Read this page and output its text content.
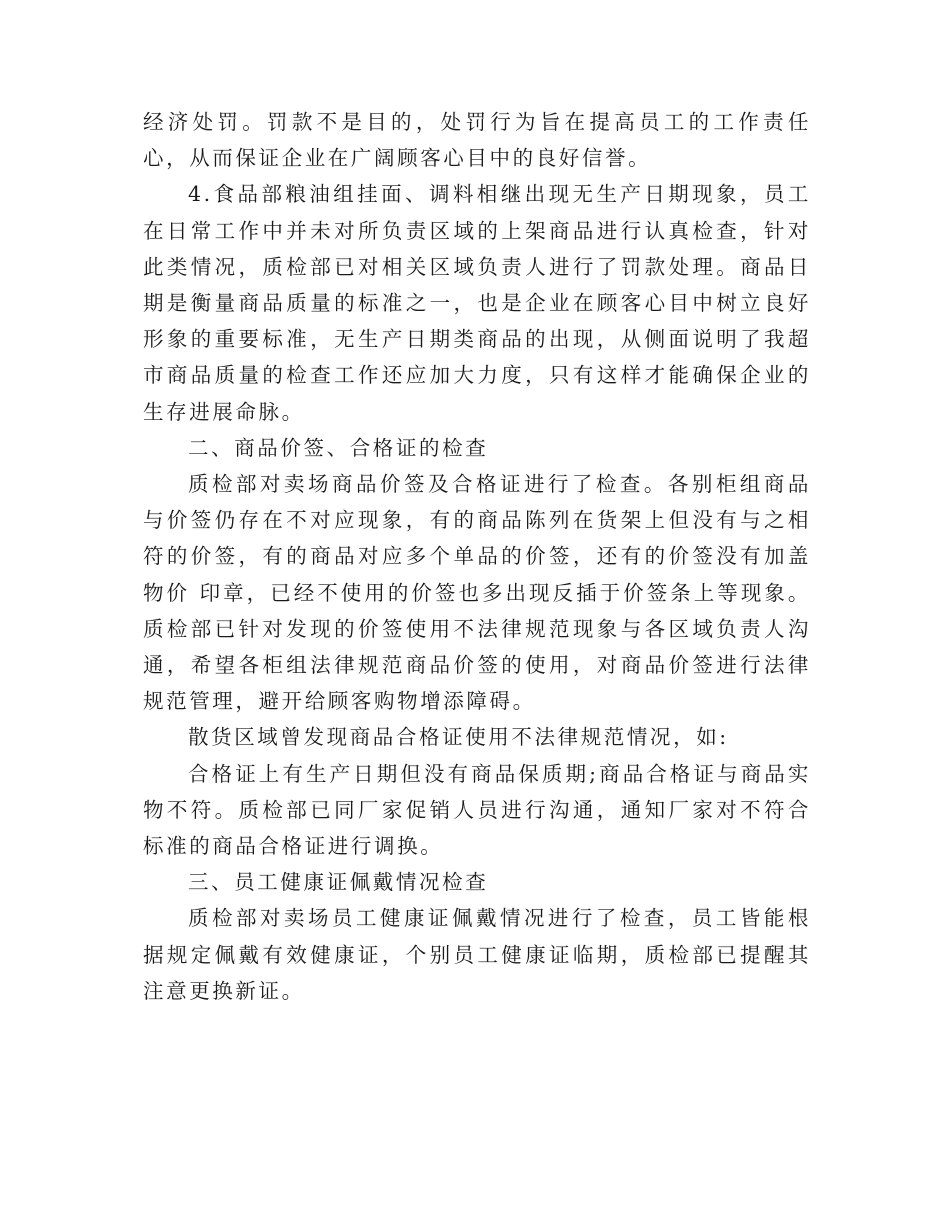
经济处罚。罚款不是目的，处罚行为旨在提高员工的工作责任心，从而保证企业在广阔顾客心目中的良好信誉。

4.食品部粮油组挂面、调料相继出现无生产日期现象，员工在日常工作中并未对所负责区域的上架商品进行认真检查，针对此类情况，质检部已对相关区域负责人进行了罚款处理。商品日期是衡量商品质量的标准之一，也是企业在顾客心目中树立良好形象的重要标准，无生产日期类商品的出现，从侧面说明了我超市商品质量的检查工作还应加大力度，只有这样才能确保企业的生存进展命脉。

二、商品价签、合格证的检查

质检部对卖场商品价签及合格证进行了检查。各别柜组商品与价签仍存在不对应现象，有的商品陈列在货架上但没有与之相符的价签，有的商品对应多个单品的价签，还有的价签没有加盖 物价 印章，已经不使用的价签也多出现反插于价签条上等现象。质检部已针对发现的价签使用不法律规范现象与各区域负责人沟通，希望各柜组法律规范商品价签的使用，对商品价签进行法律规范管理，避开给顾客购物增添障碍。

散货区域曾发现商品合格证使用不法律规范情况，如:

合格证上有生产日期但没有商品保质期;商品合格证与商品实物不符。质检部已同厂家促销人员进行沟通，通知厂家对不符合标准的商品合格证进行调换。

三、员工健康证佩戴情况检查

质检部对卖场员工健康证佩戴情况进行了检查，员工皆能根据规定佩戴有效健康证，个别员工健康证临期，质检部已提醒其注意更换新证。
